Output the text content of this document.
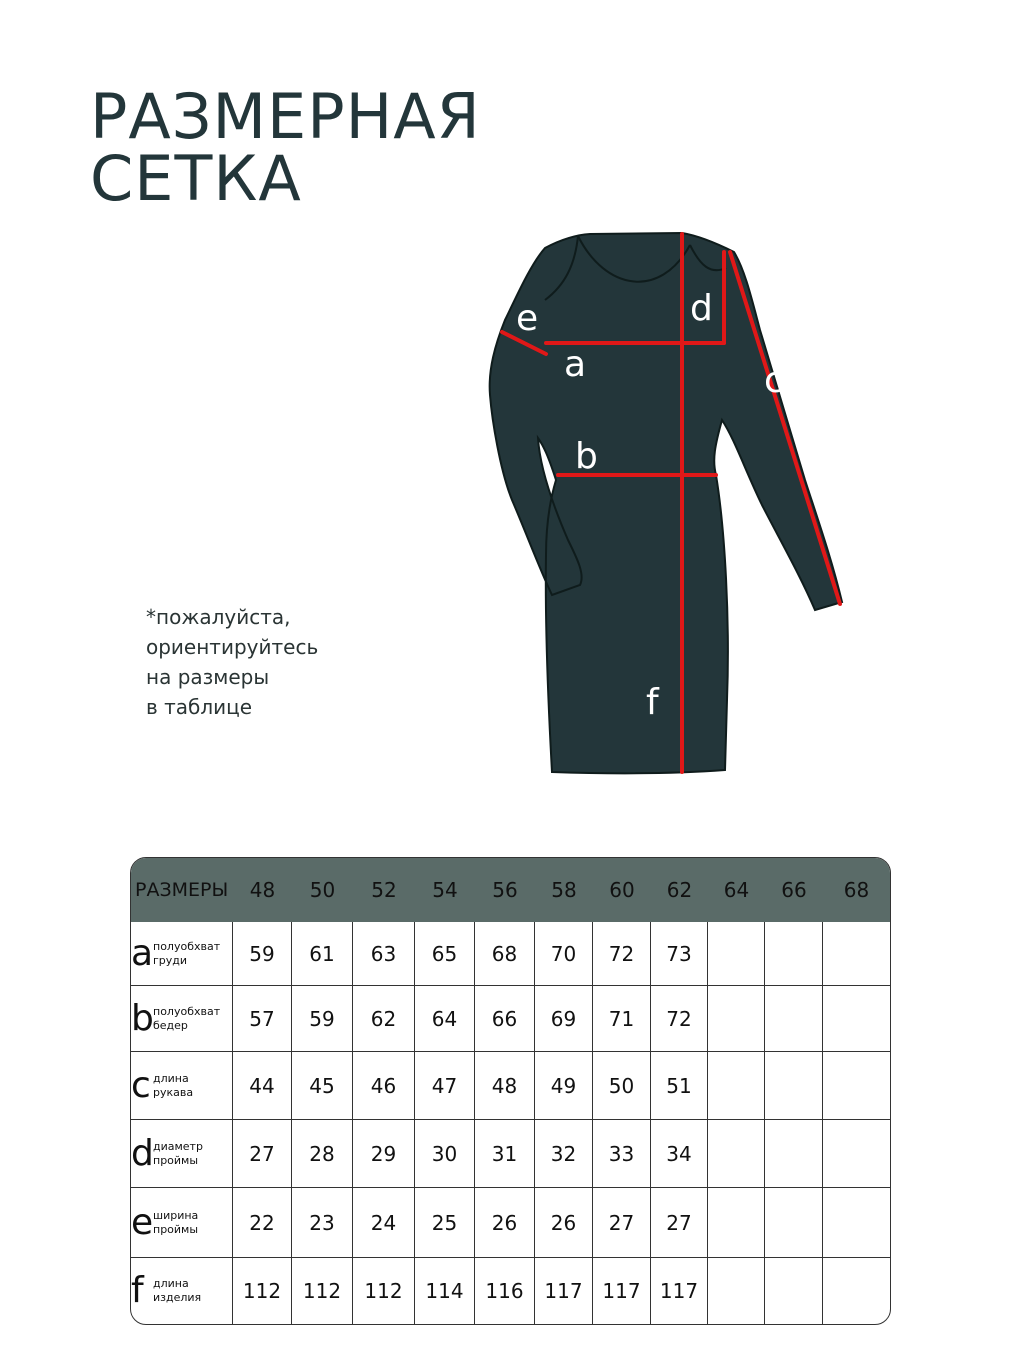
РАЗМЕРНАЯ
СЕТКА
e	d
a	c
b
f
*пожалуйста,
ориентируйтесь
на размеры
в таблице
РАЗМЕРЫ	48	50	52	54	56	58	60	62	64	66	68
a полуобхват
груди	59	61	63	65	68	70	72	73			
b полуобхват
бедер	57	59	62	64	66	69	71	72			
c длина
рукава	44	45	46	47	48	49	50	51			
d диаметр
проймы	27	28	29	30	31	32	33	34			
e ширина
проймы	22	23	24	25	26	26	27	27			
f длина
изделия	112	112	112	114	116	117	117	117			
